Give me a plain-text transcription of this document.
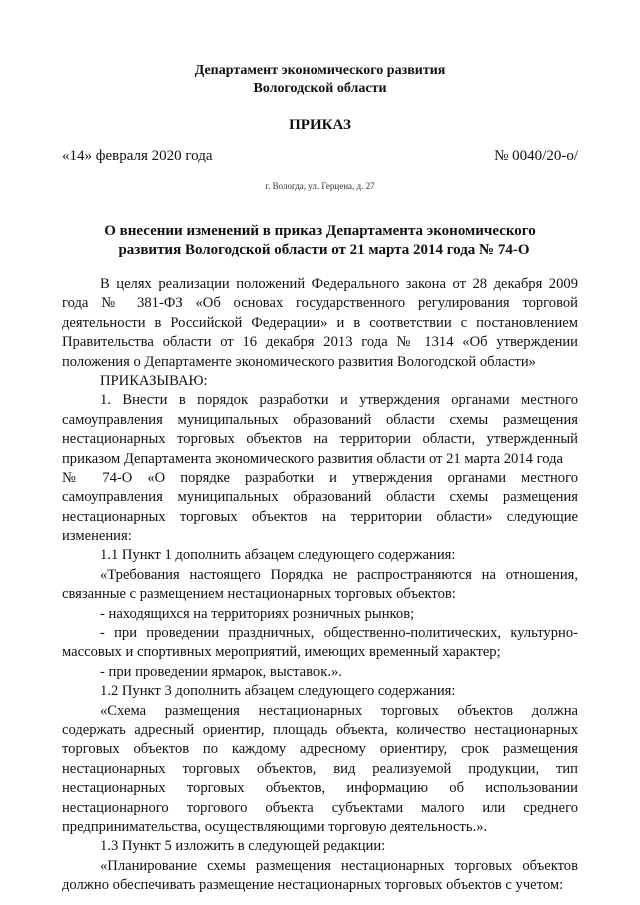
Департамент экономического развития
Вологодской области
ПРИКАЗ
«14» февраля 2020 года	№ 0040/20-о/
г. Вологда, ул. Герцена, д. 27
О внесении изменений в приказ Департамента экономического
развития Вологодской области от 21 марта 2014 года № 74-О
В целях реализации положений Федерального закона от 28 декабря 2009
года № 381-ФЗ «Об основах государственного регулирования торговой
деятельности в Российской Федерации» и в соответствии с постановлением
Правительства области от 16 декабря 2013 года № 1314 «Об утверждении
положения о Департаменте экономического развития Вологодской области»
ПРИКАЗЫВАЮ:
1. Внести в порядок разработки и утверждения органами местного
самоуправления муниципальных образований области схемы размещения
нестационарных торговых объектов на территории области, утвержденный
приказом Департамента экономического развития области от 21 марта 2014 года
№ 74-О «О порядке разработки и утверждения органами местного
самоуправления муниципальных образований области схемы размещения
нестационарных торговых объектов на территории области» следующие
изменения:
1.1 Пункт 1 дополнить абзацем следующего содержания:
«Требования настоящего Порядка не распространяются на отношения,
связанные с размещением нестационарных торговых объектов:
- находящихся на территориях розничных рынков;
- при проведении праздничных, общественно-политических, культурно-
массовых и спортивных мероприятий, имеющих временный характер;
- при проведении ярмарок, выставок.».
1.2 Пункт 3 дополнить абзацем следующего содержания:
«Схема размещения нестационарных торговых объектов должна
содержать адресный ориентир, площадь объекта, количество нестационарных
торговых объектов по каждому адресному ориентиру, срок размещения
нестационарных торговых объектов, вид реализуемой продукции, тип
нестационарных торговых объектов, информацию об использовании
нестационарного торгового объекта субъектами малого или среднего
предпринимательства, осуществляющими торговую деятельность.».
1.3 Пункт 5 изложить в следующей редакции:
«Планирование схемы размещения нестационарных торговых объектов
должно обеспечивать размещение нестационарных торговых объектов с учетом:
